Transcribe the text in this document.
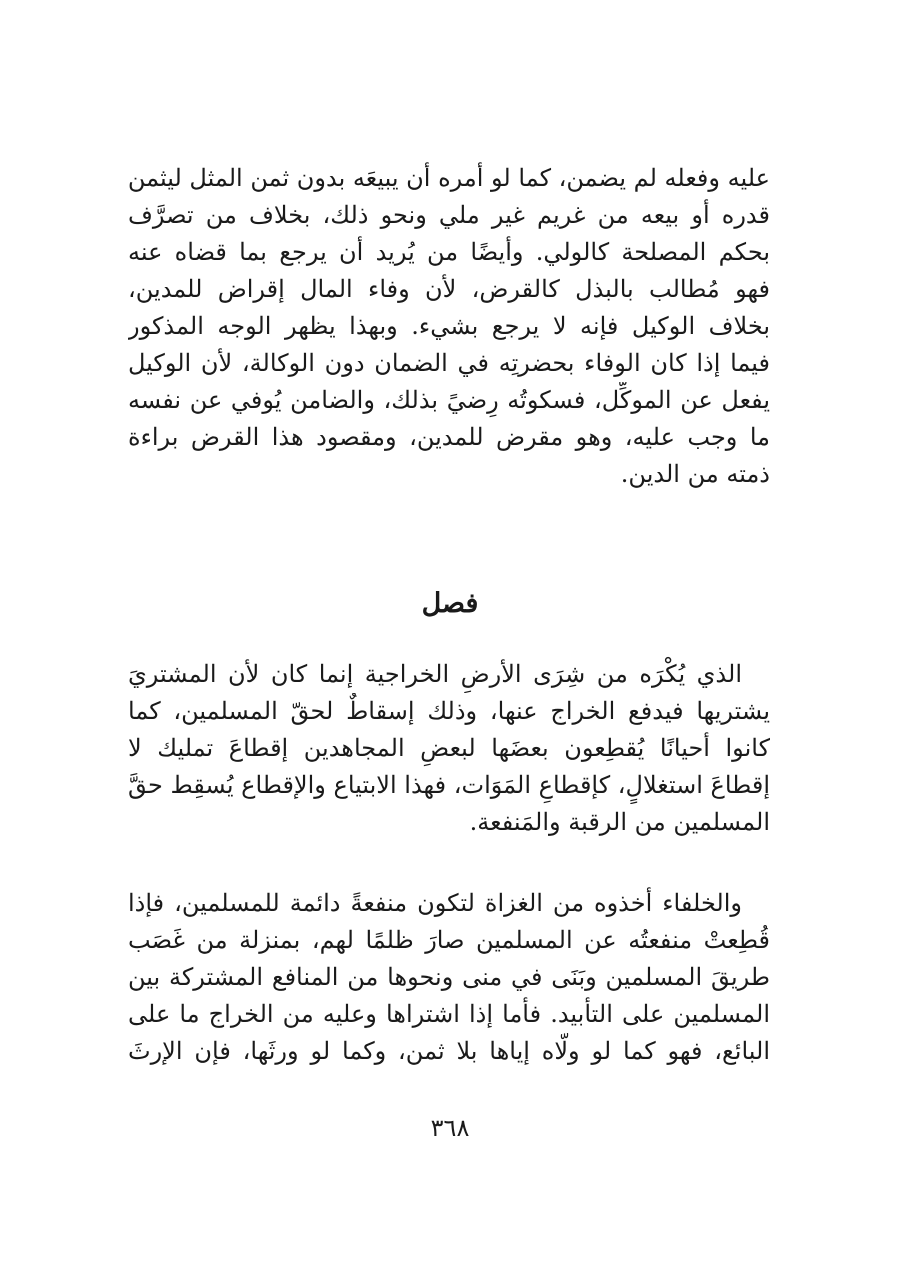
عليه وفعله لم يضمن، كما لو أمره أن يبيعَه بدون ثمن المثل ليثمن
قدره أو بيعه من غريم غير ملي ونحو ذلك، بخلاف من تصرَّف
بحكم المصلحة كالولي. وأيضًا من يُريد أن يرجع بما قضاه عنه
فهو مُطالب بالبذل كالقرض، لأن وفاء المال إقراض للمدين،
بخلاف الوكيل فإنه لا يرجع بشيء. وبهذا يظهر الوجه المذكور
فيما إذا كان الوفاء بحضرتِه في الضمان دون الوكالة، لأن الوكيل
يفعل عن الموكِّل، فسكوتُه رِضيً بذلك، والضامن يُوفي عن نفسه
ما وجب عليه، وهو مقرض للمدين، ومقصود هذا القرض براءة
ذمته من الدين.
فصل
الذي يُكْرَه من شِرَى الأرضِ الخراجية إنما كان لأن المشتريَ
يشتريها فيدفع الخراج عنها، وذلك إسقاطٌ لحقّ المسلمين، كما
كانوا أحيانًا يُقطِعون بعضَها لبعضِ المجاهدين إقطاعَ تمليك لا
إقطاعَ استغلالٍ، كإقطاعِ المَوَات، فهذا الابتياع والإقطاع يُسقِط حقَّ
المسلمين من الرقبة والمَنفعة.
والخلفاء أخذوه من الغزاة لتكون منفعةً دائمة للمسلمين، فإذا
قُطِعتْ منفعتُه عن المسلمين صارَ ظلمًا لهم، بمنزلة من غَصَب
طريقَ المسلمين وبَنَى في منى ونحوها من المنافع المشتركة بين
المسلمين على التأبيد. فأما إذا اشتراها وعليه من الخراج ما على
البائع، فهو كما لو ولّاه إياها بلا ثمن، وكما لو ورثَها، فإن الإرثَ
٣٦٨
